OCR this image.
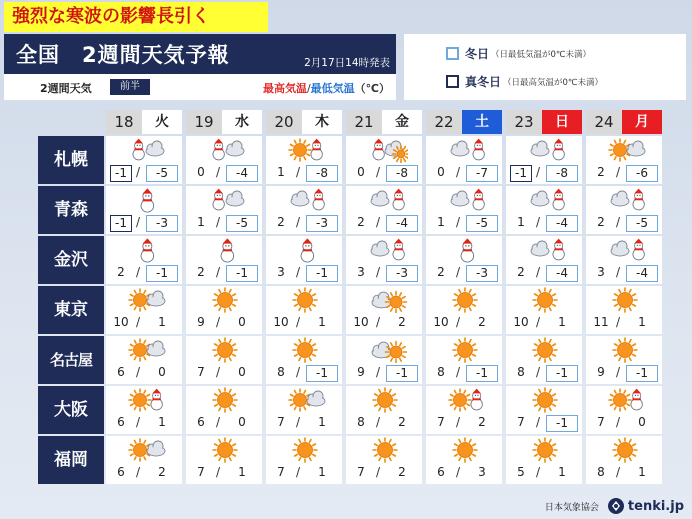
強烈な寒波の影響長引く
全国　2週間天気予報	2月17日14時発表
2週間天気	前半	最高気温/最低気温（℃）
冬日 （日最低気温が0℃未満）
真冬日 （日最高気温が0℃未満）
18	火	19	水	20	木	21	金	22	土	23	日	24	月
札幌
-1 /	-5	0 /	-4	1 /	-8	0 /	-8	0 /	-7	-1 /	-8	2 /	-6
青森
-1 /	-3	1 /	-5	2 /	-3	2 /	-4	1 /	-5	1 /	-4	2 /	-5
金沢
2 /	-1	2 /	-1	3 /	-1	3 /	-3	2 /	-3	2 /	-4	3 /	-4
東京
10 /	1	9 /	0	10 /	1	10 /	2	10 /	2	10 /	1	11 /	1
名古屋
6 /	0	7 /	0	8 /	-1	9 /	-1	8 /	-1	8 /	-1	9 /	-1
大阪
6 /	1	6 /	0	7 /	1	8 /	2	7 /	2	7 /	-1	7 /	0
福岡
6 /	2	7 /	1	7 /	1	7 /	2	6 /	3	5 /	1	8 /	1
日本気象協会 tenki.jp
